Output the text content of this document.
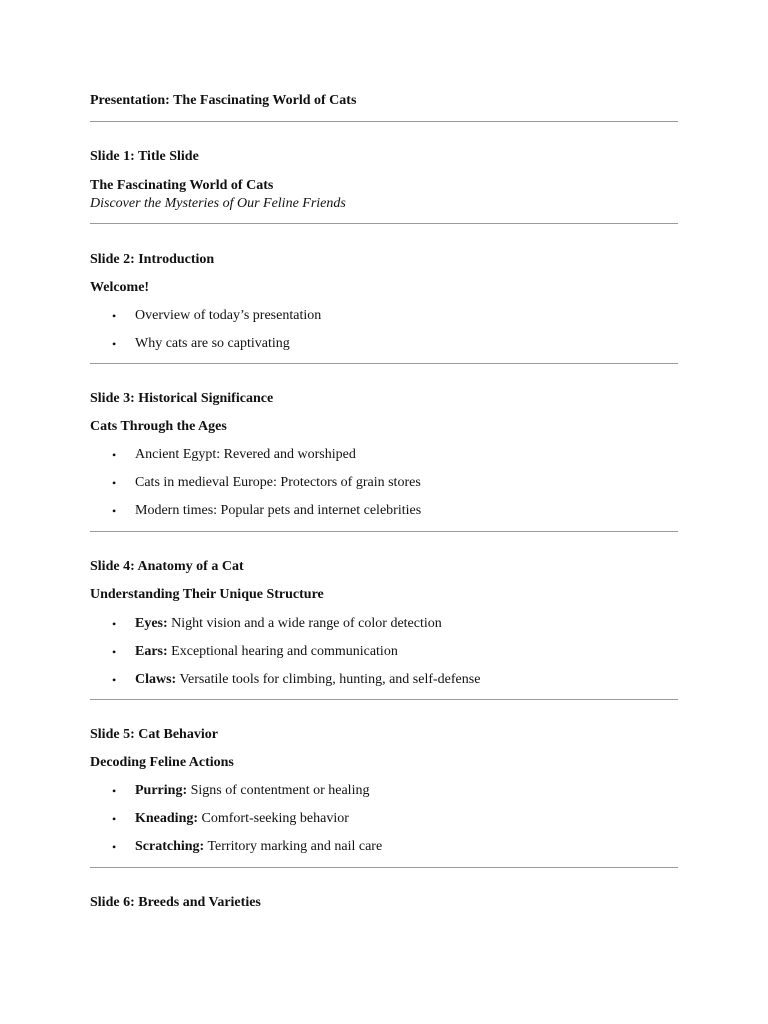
Presentation: The Fascinating World of Cats
Slide 1: Title Slide
The Fascinating World of Cats
Discover the Mysteries of Our Feline Friends
Slide 2: Introduction
Welcome!
• Overview of today’s presentation
• Why cats are so captivating
Slide 3: Historical Significance
Cats Through the Ages
• Ancient Egypt: Revered and worshiped
• Cats in medieval Europe: Protectors of grain stores
• Modern times: Popular pets and internet celebrities
Slide 4: Anatomy of a Cat
Understanding Their Unique Structure
• Eyes: Night vision and a wide range of color detection
• Ears: Exceptional hearing and communication
• Claws: Versatile tools for climbing, hunting, and self-defense
Slide 5: Cat Behavior
Decoding Feline Actions
• Purring: Signs of contentment or healing
• Kneading: Comfort-seeking behavior
• Scratching: Territory marking and nail care
Slide 6: Breeds and Varieties
